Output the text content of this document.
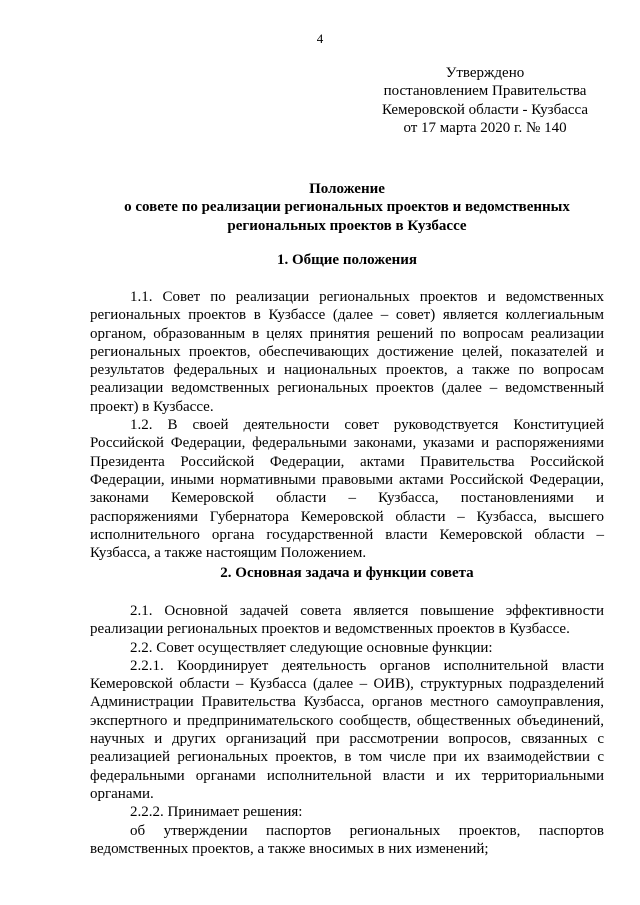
4
Утверждено
постановлением Правительства
Кемеровской области - Кузбасса
от 17 марта 2020 г. № 140
Положение
о совете по реализации региональных проектов и ведомственных
региональных проектов в Кузбассе
1. Общие положения

1.1. Совет по реализации региональных проектов и ведомственных региональных проектов в Кузбассе (далее – совет) является коллегиальным органом, образованным в целях принятия решений по вопросам реализации региональных проектов, обеспечивающих достижение целей, показателей и результатов федеральных и национальных проектов, а также по вопросам реализации ведомственных региональных проектов (далее – ведомственный проект) в Кузбассе.

1.2. В своей деятельности совет руководствуется Конституцией Российской Федерации, федеральными законами, указами и распоряжениями Президента Российской Федерации, актами Правительства Российской Федерации, иными нормативными правовыми актами Российской Федерации, законами Кемеровской области – Кузбасса, постановлениями и распоряжениями Губернатора Кемеровской области – Кузбасса, высшего исполнительного органа государственной власти Кемеровской области – Кузбасса, а также настоящим Положением.

2. Основная задача и функции совета

2.1. Основной задачей совета является повышение эффективности реализации региональных проектов и ведомственных проектов в Кузбассе.

2.2. Совет осуществляет следующие основные функции:

2.2.1. Координирует деятельность органов исполнительной власти Кемеровской области – Кузбасса (далее – ОИВ), структурных подразделений Администрации Правительства Кузбасса, органов местного самоуправления, экспертного и предпринимательского сообществ, общественных объединений, научных и других организаций при рассмотрении вопросов, связанных с реализацией региональных проектов, в том числе при их взаимодействии с федеральными органами исполнительной власти и их территориальными органами.

2.2.2. Принимает решения:

об утверждении паспортов региональных проектов, паспортов ведомственных проектов, а также вносимых в них изменений;
